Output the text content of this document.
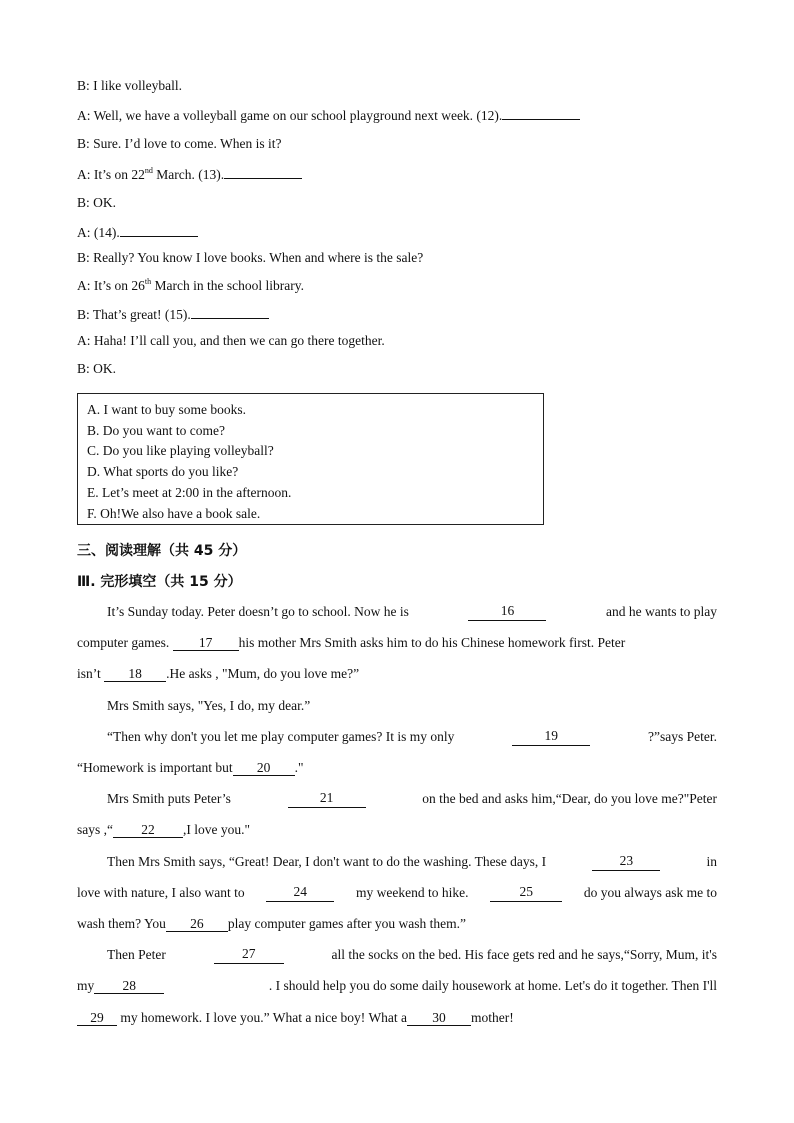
B: I like volleyball.
A: Well, we have a volleyball game on our school playground next week. (12).
B: Sure. I’d love to come. When is it?
A: It’s on 22nd March. (13).
B: OK.
A: (14).
B: Really? You know I love books. When and where is the sale?
A: It’s on 26th March in the school library.
B: That’s great! (15).
A: Haha! I’ll call you, and then we can go there together.
B: OK.
A. I want to buy some books.
B. Do you want to come?
C. Do you like playing volleyball?
D. What sports do you like?
E. Let’s meet at 2:00 in the afternoon.
F. Oh!We also have a book sale.
三、阅读理解（共 45 分）
Ⅲ. 完形填空（共 15 分）
It’s Sunday today. Peter doesn’t go to school. Now he is	16	and he wants to play
computer games. 17 his mother Mrs Smith asks him to do his Chinese homework first. Peter
isn’t 18 .He asks , "Mum, do you love me?”
Mrs Smith says, "Yes, I do, my dear.”
“Then why don't you let me play computer games? It is my only	19	?”says Peter.
“Homework is important but 20 ."
Mrs Smith puts Peter’s	21	on the bed and asks him,“Dear, do you love me?"Peter
says ,“ 22 ,I love you."
Then Mrs Smith says, “Great! Dear, I don't want to do the washing. These days, I	23	in
love with nature, I also want to	24	my weekend to hike.	25	do you always ask me to
wash them? You 26 play computer games after you wash them.”
Then Peter	27	all the socks on the bed. His face gets red and he says,“Sorry, Mum, it's
my 28	. I should help you do some daily housework at home. Let's do it together. Then I'll
29 my homework. I love you.” What a nice boy! What a 30 mother!
